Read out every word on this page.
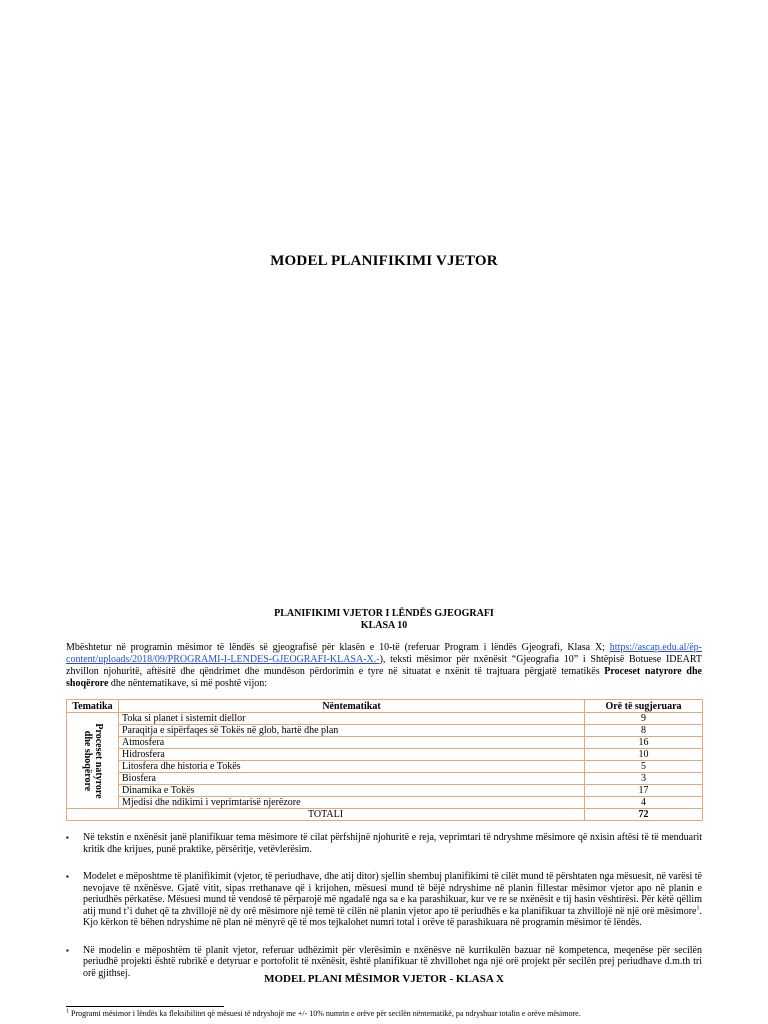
MODEL PLANIFIKIMI VJETOR
PLANIFIKIMI VJETOR I LËNDËS GJEOGRAFI
KLASA 10
Mbështetur në programin mësimor të lëndës së gjeografisë për klasën e 10-të (referuar Program i lëndës Gjeografi, Klasa X; https://ascap.edu.al/ëp-content/uploads/2018/09/PROGRAMI-I-LENDES-GJEOGRAFI-KLASA-X.-), teksti mësimor për nxënësit “Gjeografia 10” i Shtëpisë Botuese IDEART zhvillon njohuritë, aftësitë dhe qëndrimet dhe mundëson përdorimin e tyre në situatat e nxënit të trajtuara përgjatë tematikës Proceset natyrore dhe shoqërore dhe nëntematikave, si më poshtë vijon:
Tematika	Nëntematikat	Orë të sugjeruara

Proceset natyrore
dhe shoqërore	Toka si planet i sistemit diellor	9
	Paraqitja e sipërfaqes së Tokës në glob, hartë dhe plan	8
	Atmosfera	16
	Hidrosfera	10
	Litosfera dhe historia e Tokës	5
	Biosfera	3
	Dinamika e Tokës	17
	Mjedisi dhe ndikimi i veprimtarisë njerëzore	4
TOTALI		72
▪ Në tekstin e nxënësit janë planifikuar tema mësimore të cilat përfshijnë njohuritë e reja, veprimtari të ndryshme mësimore që nxisin aftësi të të menduarit kritik dhe krijues, punë praktike, përsëritje, vetëvlerësim.
▪ Modelet e mëposhtme të planifikimit (vjetor, të periudhave, dhe atij ditor) sjellin shembuj planifikimi të cilët mund të përshtaten nga mësuesit, në varësi të nevojave të nxënësve. Gjatë vitit, sipas rrethanave që i krijohen, mësuesi mund të bëjë ndryshime në planin fillestar mësimor vjetor apo në planin e periudhës përkatëse. Mësuesi mund të vendosë të përparojë më ngadalë nga sa e ka parashikuar, kur ve re se nxënësit e tij hasin vështirësi. Për këtë qëllim atij mund t’i duhet që ta zhvillojë në dy orë mësimore një temë të cilën në planin vjetor apo të periudhës e ka planifikuar ta zhvillojë në një orë mësimore$^1$. Kjo kërkon të bëhen ndryshime në plan në mënyrë që të mos tejkalohet numri total i orëve të parashikuara në programin mësimor të lëndës.
▪ Në modelin e mëposhtëm të planit vjetor, referuar udhëzimit për vlerësimin e nxënësve në kurrikulën bazuar në kompetenca, meqenëse për secilën periudhë projekti është rubrikë e detyruar e portofolit të nxënësit, është planifikuar të zhvillohet nga një orë projekt për secilën prej periudhave d.m.th tri orë gjithsej.	MODEL PLANI MËSIMOR VJETOR - KLASA X
$^1$ Programi mësimor i lëndës ka fleksibilitet që mësuesi të ndryshojë me +/- 10% numrin e orëve për secilën nëntematikë, pa ndryshuar totalin e orëve mësimore.
